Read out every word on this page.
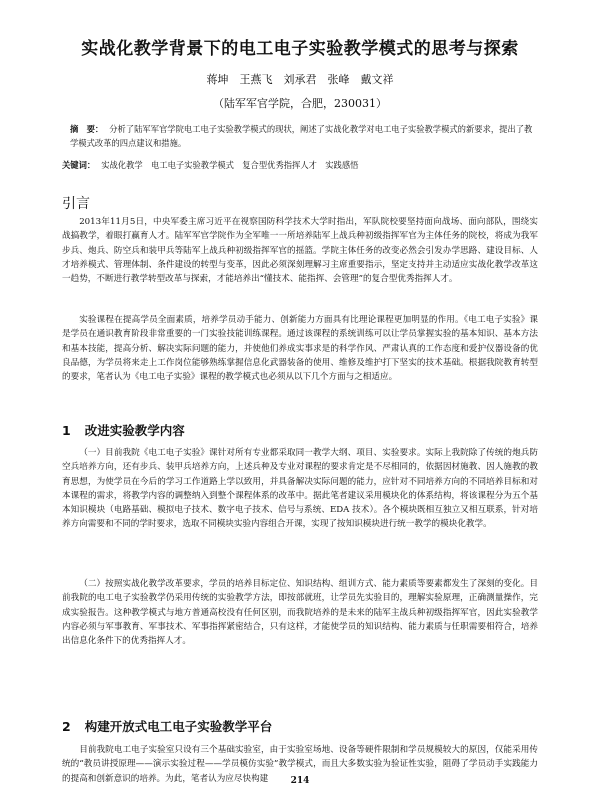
实战化教学背景下的电工电子实验教学模式的思考与探索
蒋坤　王燕飞　刘承君　张峰　戴文祥
（陆军军官学院，合肥，230031）
摘　要： 分析了陆军军官学院电工电子实验教学模式的现状，阐述了实战化教学对电工电子实验教学模式的新要求，提出了教学模式改革的四点建议和措施。
关键词： 实战化教学　电工电子实验教学模式　复合型优秀指挥人才　实践感悟
引言

2013年11月5日，中央军委主席习近平在视察国防科学技术大学时指出，军队院校要坚持面向战场、面向部队，围绕实战搞教学，着眼打赢育人才。陆军军官学院作为全军唯一一所培养陆军上战兵种初级指挥军官为主体任务的院校，将成为我军步兵、炮兵、防空兵和装甲兵等陆军上战兵种初级指挥军官的摇篮。学院主体任务的改变必然会引发办学思路、建设目标、人才培养模式、管理体制、条件建设的转型与变革，因此必须深刻理解习主席重要指示，坚定支持并主动适应实战化教学改革这一趋势，不断进行教学转型改革与探索，才能培养出“懂技术、能指挥、会管理”的复合型优秀指挥人才。

实验课程在提高学员全面素质，培养学员动手能力、创新能力方面具有比理论课程更加明显的作用。《电工电子实验》课是学员在通识教育阶段非常重要的一门实验技能训练课程。通过该课程的系统训练可以让学员掌握实验的基本知识、基本方法和基本技能，提高分析、解决实际问题的能力，并使他们养成实事求是的科学作风、严肃认真的工作态度和爱护仪器设备的优良品德，为学员将来走上工作岗位能够熟练掌握信息化武器装备的使用、维修及维护打下坚实的技术基础。根据我院教育转型的要求，笔者认为《电工电子实验》课程的教学模式也必须从以下几个方面与之相适应。

1 改进实验教学内容

（一）目前我院《电工电子实验》课针对所有专业都采取同一教学大纲、项目、实验要求。实际上我院除了传统的炮兵防空兵培养方向，还有步兵、装甲兵培养方向，上述兵种及专业对课程的要求肯定是不尽相同的，依据因材施教、因人施教的教育思想，为使学员在今后的学习工作道路上学以致用，并具备解决实际问题的能力，应针对不同培养方向的不同培养目标和对本课程的需求，将教学内容的调整纳入到整个课程体系的改革中。据此笔者建议采用模块化的体系结构，将该课程分为五个基本知识模块（电路基础、模拟电子技术、数字电子技术、信号与系统、EDA 技术）。各个模块既相互独立又相互联系，针对培养方向需要和不同的学时要求，选取不同模块实验内容组合开课，实现了按知识模块进行统一教学的模块化教学。

（二）按照实战化教学改革要求，学员的培养目标定位、知识结构、组训方式、能力素质等要素都发生了深刻的变化。目前我院的电工电子实验教学仍采用传统的实验教学方法，即按部就班，让学员先实验目的，理解实验原理，正确测量操作，完成实验报告。这种教学模式与地方普通高校没有任何区别，而我院培养的是未来的陆军主战兵种初级指挥军官，因此实验教学内容必须与军事教育、军事技术、军事指挥紧密结合，只有这样，才能使学员的知识结构、能力素质与任职需要相符合，培养出信息化条件下的优秀指挥人才。

2 构建开放式电工电子实验教学平台

目前我院电工电子实验室只设有三个基础实验室，由于实验室场地、设备等硬件限制和学员规模较大的原因，仅能采用传统的“教员讲授原理——演示实验过程——学员模仿实验”教学模式，而且大多数实验为验证性实验，阻碍了学员动手实践能力的提高和创新意识的培养。为此，笔者认为应尽快构建	214
